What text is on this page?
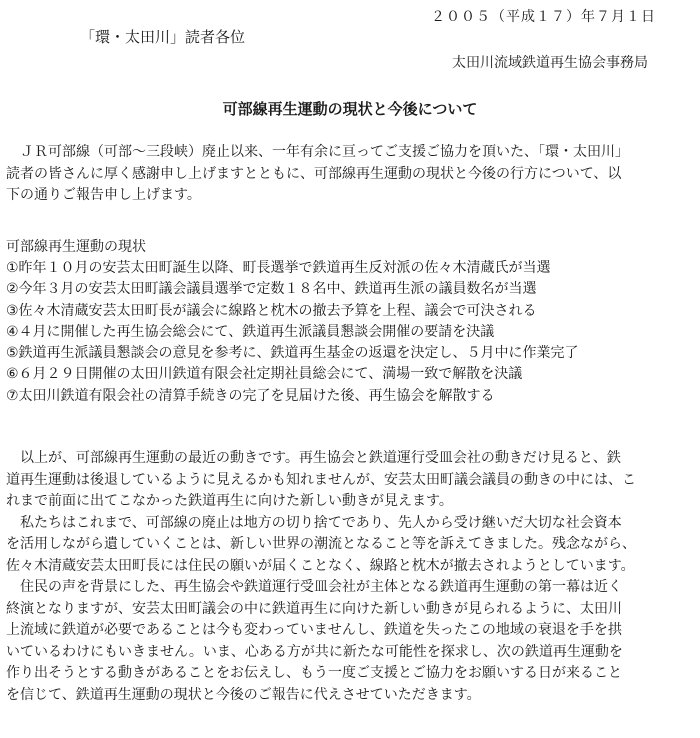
２００５（平成１７）年７月１日
「環・太田川」読者各位
太田川流域鉄道再生協会事務局
可部線再生運動の現状と今後について
　ＪＲ可部線（可部～三段峡）廃止以来、一年有余に亘ってご支援ご協力を頂いた、「環・太田川」
読者の皆さんに厚く感謝申し上げますとともに、可部線再生運動の現状と今後の行方について、以
下の通りご報告申し上げます。
可部線再生運動の現状
①昨年１０月の安芸太田町誕生以降、町長選挙で鉄道再生反対派の佐々木清蔵氏が当選
②今年３月の安芸太田町議会議員選挙で定数１８名中、鉄道再生派の議員数名が当選
③佐々木清蔵安芸太田町長が議会に線路と枕木の撤去予算を上程、議会で可決される
④４月に開催した再生協会総会にて、鉄道再生派議員懇談会開催の要請を決議
⑤鉄道再生派議員懇談会の意見を参考に、鉄道再生基金の返還を決定し、５月中に作業完了
⑥６月２９日開催の太田川鉄道有限会社定期社員総会にて、満場一致で解散を決議
⑦太田川鉄道有限会社の清算手続きの完了を見届けた後、再生協会を解散する
　以上が、可部線再生運動の最近の動きです。再生協会と鉄道運行受皿会社の動きだけ見ると、鉄
道再生運動は後退しているように見えるかも知れませんが、安芸太田町議会議員の動きの中には、こ
れまで前面に出てこなかった鉄道再生に向けた新しい動きが見えます。
　私たちはこれまで、可部線の廃止は地方の切り捨てであり、先人から受け継いだ大切な社会資本
を活用しながら遺していくことは、新しい世界の潮流となること等を訴えてきました。残念ながら、
佐々木清蔵安芸太田町長には住民の願いが届くことなく、線路と枕木が撤去されようとしています。
　住民の声を背景にした、再生協会や鉄道運行受皿会社が主体となる鉄道再生運動の第一幕は近く
終演となりますが、安芸太田町議会の中に鉄道再生に向けた新しい動きが見られるように、太田川
上流域に鉄道が必要であることは今も変わっていませんし、鉄道を失ったこの地域の衰退を手を拱
いているわけにもいきません。いま、心ある方が共に新たな可能性を探求し、次の鉄道再生運動を
作り出そうとする動きがあることをお伝えし、もう一度ご支援とご協力をお願いする日が来ること
を信じて、鉄道再生運動の現状と今後のご報告に代えさせていただきます。
